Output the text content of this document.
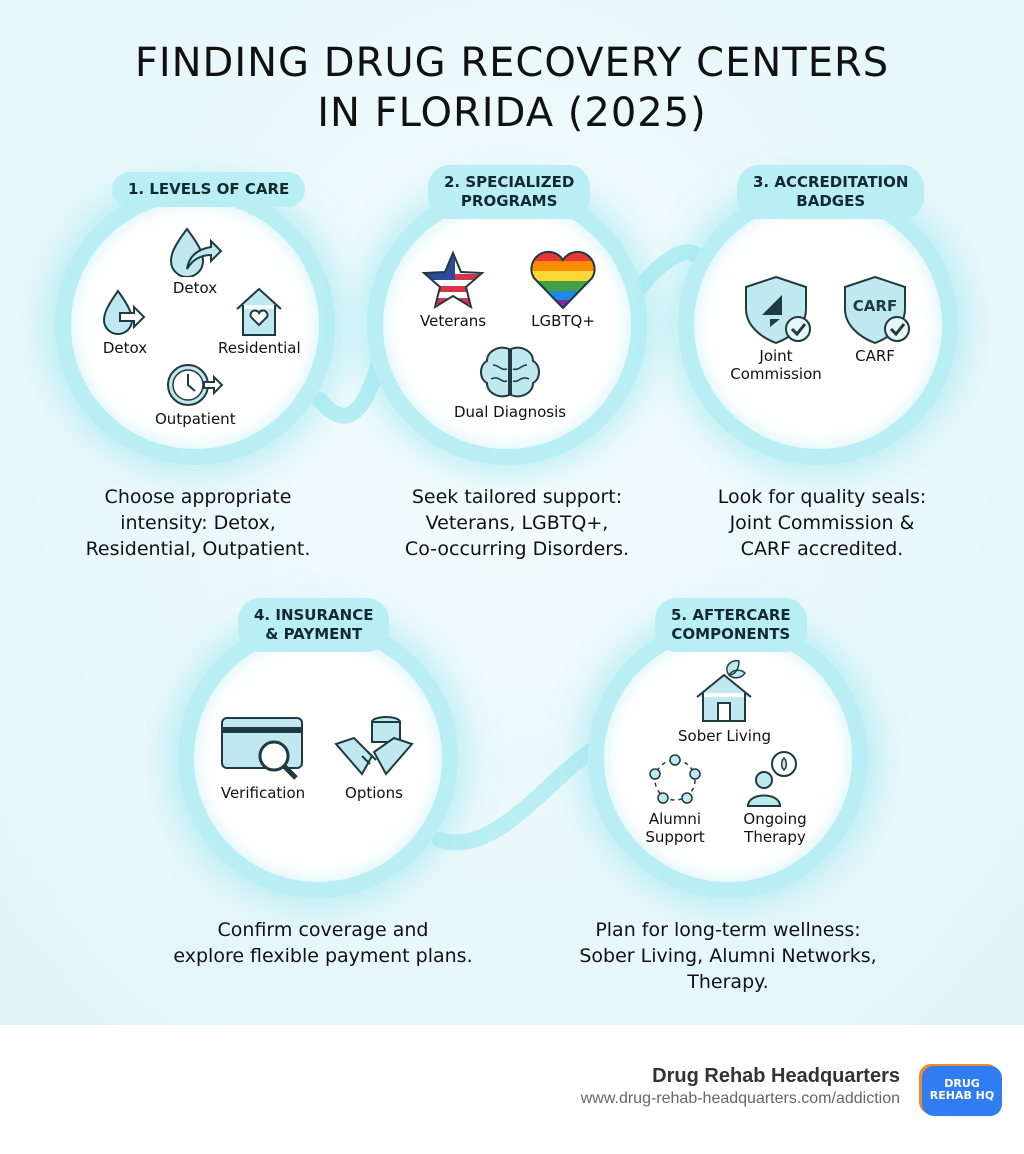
FINDING DRUG RECOVERY CENTERS
IN FLORIDA (2025)
1. LEVELS OF CARE
Detox
Detox	Residential
Outpatient
Choose appropriate
intensity: Detox,
Residential, Outpatient.
2. SPECIALIZED
PROGRAMS
Veterans	LGBTQ+
Dual Diagnosis
Seek tailored support:
Veterans, LGBTQ+,
Co-occurring Disorders.
3. ACCREDITATION
BADGES
Joint Commission
CARF
CARF
Look for quality seals:
Joint Commission &
CARF accredited.
4. INSURANCE
& PAYMENT
Verification	Options
Confirm coverage and
explore flexible payment plans.
5. AFTERCARE
COMPONENTS
Sober Living
Alumni Support
Ongoing Therapy
Plan for long-term wellness:
Sober Living, Alumni Networks,
Therapy.
Drug Rehab Headquarters
www.drug-rehab-headquarters.com/addiction
DRUG REHAB HQ
